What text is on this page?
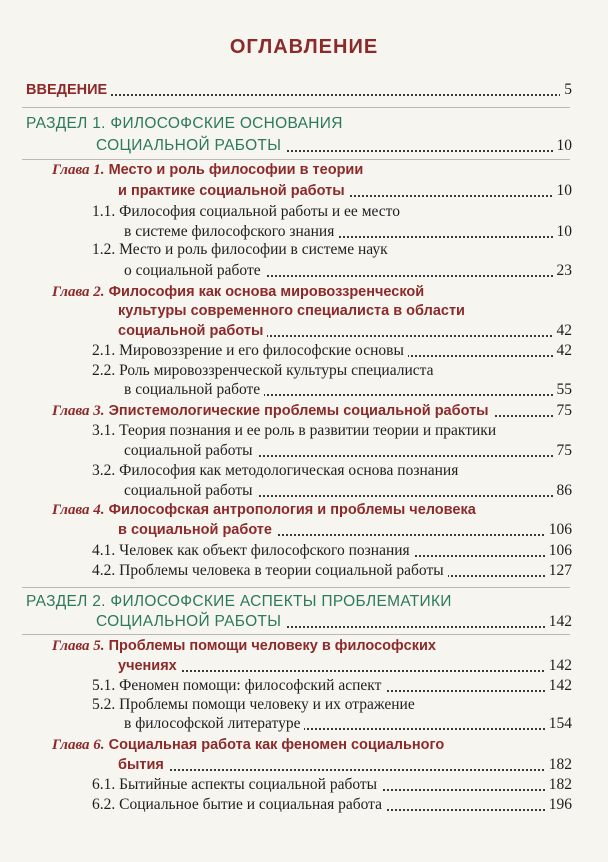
ОГЛАВЛЕНИЕ
ВВЕДЕНИЕ	5
РАЗДЕЛ 1. ФИЛОСОФСКИЕ ОСНОВАНИЯ
СОЦИАЛЬНОЙ РАБОТЫ	10
Глава 1. Место и роль философии в теории
и практике социальной работы	10
1.1. Философия социальной работы и ее место
в системе философского знания	10
1.2. Место и роль философии в системе наук
о социальной работе	23
Глава 2. Философия как основа мировоззренческой
культуры современного специалиста в области
социальной работы	42
2.1. Мировоззрение и его философские основы	42
2.2. Роль мировоззренческой культуры специалиста
в социальной работе	55
Глава 3. Эпистемологические проблемы социальной работы	75
3.1. Теория познания и ее роль в развитии теории и практики
социальной работы	75
3.2. Философия как методологическая основа познания
социальной работы	86
Глава 4. Философская антропология и проблемы человека
в социальной работе	106
4.1. Человек как объект философского познания	106
4.2. Проблемы человека в теории социальной работы	127
РАЗДЕЛ 2. ФИЛОСОФСКИЕ АСПЕКТЫ ПРОБЛЕМАТИКИ
СОЦИАЛЬНОЙ РАБОТЫ	142
Глава 5. Проблемы помощи человеку в философских
учениях	142
5.1. Феномен помощи: философский аспект	142
5.2. Проблемы помощи человеку и их отражение
в философской литературе	154
Глава 6. Социальная работа как феномен социального
бытия	182
6.1. Бытийные аспекты социальной работы	182
6.2. Социальное бытие и социальная работа	196
